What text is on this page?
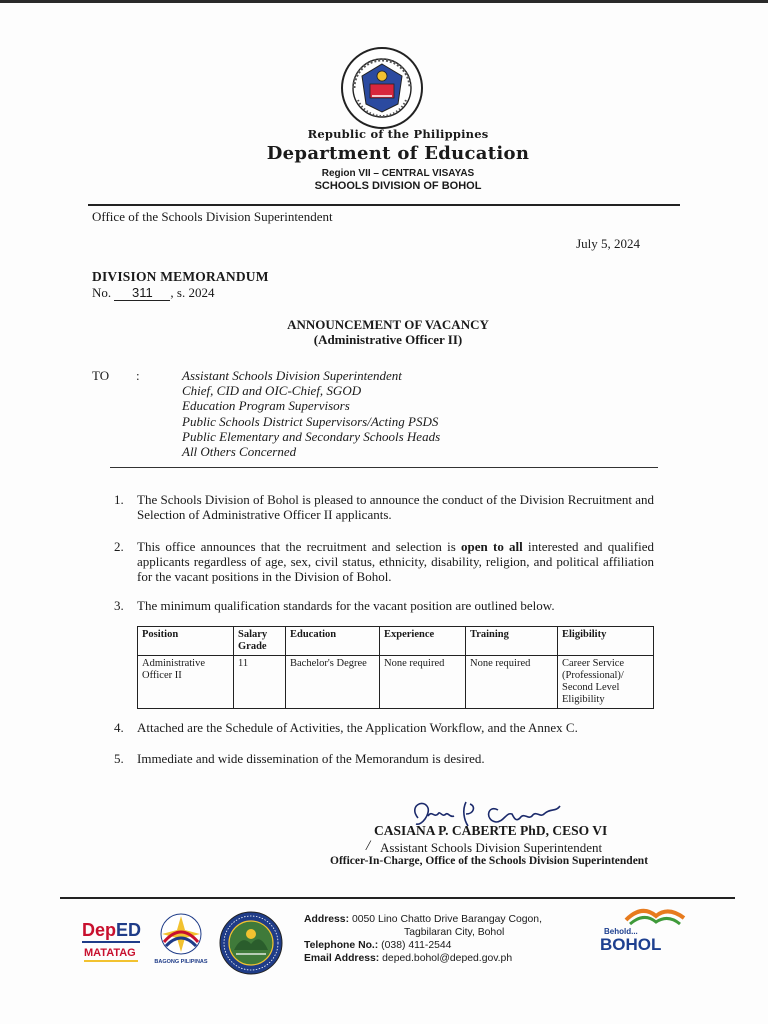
Republic of the Philippines
Department of Education
Region VII – CENTRAL VISAYAS
SCHOOLS DIVISION OF BOHOL
Office of the Schools Division Superintendent
July 5, 2024
DIVISION MEMORANDUM
No. 311 , s. 2024
ANNOUNCEMENT OF VACANCY
(Administrative Officer II)
TO :	Assistant Schools Division Superintendent
Chief, CID and OIC-Chief, SGOD
Education Program Supervisors
Public Schools District Supervisors/Acting PSDS
Public Elementary and Secondary Schools Heads
All Others Concerned
1. The Schools Division of Bohol is pleased to announce the conduct of the Division Recruitment and Selection of Administrative Officer II applicants.
2. This office announces that the recruitment and selection is open to all interested and qualified applicants regardless of age, sex, civil status, ethnicity, disability, religion, and political affiliation for the vacant positions in the Division of Bohol.
3. The minimum qualification standards for the vacant position are outlined below.
Position	Salary Grade	Education	Experience	Training	Eligibility
Administrative Officer II	11	Bachelor's Degree	None required	None required	Career Service (Professional)/ Second Level Eligibility
4. Attached are the Schedule of Activities, the Application Workflow, and the Annex C.
5. Immediate and wide dissemination of the Memorandum is desired.
CASIANA P. CABERTE PhD, CESO VI
/ Assistant Schools Division Superintendent
Officer-In-Charge, Office of the Schools Division Superintendent
Dep ED
MATATAG
BAGONG PILIPINAS
Address: 0050 Lino Chatto Drive Barangay Cogon,
Tagbilaran City, Bohol
Telephone No.: (038) 411-2544
Email Address: deped.bohol@deped.gov.ph
Behold...
BOHOL
